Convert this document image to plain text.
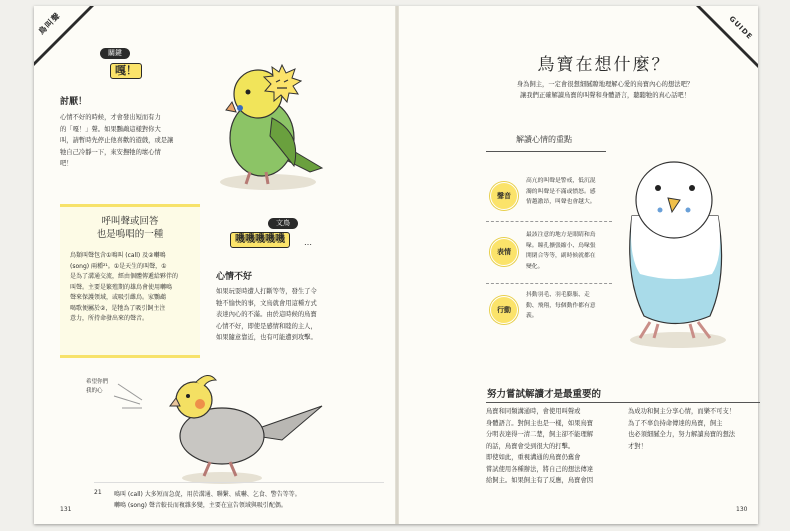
鳥叫聲
關鍵
嘎！
討厭！
心情不好的時候，才會發出短而有力
的「嘎！」聲。如果鸚鵡這樣對你大
叫，請暫時先停止他喜歡的遊戲，或是讓
牠自己冷靜一下，來安撫牠的壞心情
吧！
呼叫聲或回答
也是鳴唱的一種
鳥類叫聲包含①鳴叫 (call) 及②囀鳴
(song) 兩種²¹。①是天生的叫聲，①
是為了溝通交流，經由個體傳遞給夥伴的
叫聲。主要是繁殖期的雄鳥會使用囀鳴
聲來保護領域，或吸引雌鳥。家鸚鵡
喝歌便屬於②，是牠為了吸引飼主注
意力，所持命發出來的聲音。
文鳥
嘰嘰嘰嘰嘰	…
心情不好
如果玩耍時遭人打斷等等，發生了令
牠不愉快的事，文鳥就會用這種方式
表達內心的不滿。由於這時候的鳥寶
心情不好，即使是感情和睦的主人，
如果隨意靠近，也有可能遭到攻擊。
希望你們
我的心
21 鳴叫 (call) 大多短而急促，用於溝通、聯繫、威嚇、乞食、警告等等。
囀鳴 (song) 聲音較長而複雜多變，主要在宣告領域與吸引配偶。
131
GUIDE
鳥寶在想什麼？
身為飼主，一定會很想細膩瞭地理解心愛的鳥寶內心的想法吧？
讓我們正確解讀鳥寶的叫聲和身體語言，聽聽牠的真心話吧！
解讀心情的重點
聲音
高亢的叫聲是警戒，低沉混
濁的叫聲是不滿或憤怒。感
情越激昂，叫聲也會越大。
表情
最該注意的地方是眼睛和鳥
喙。瞳孔擴張縮小、鳥喙張
開閉合等等，副時候就都在
變化。
行動
抖動羽毛、羽毛膨脹、走
動、飛翔，每個動作都有意
義。
努力嘗試解讀才是最重要的
鳥寶和同類溝通時，會使用叫聲或
身體語言。對飼主也是一樣，如果鳥寶
分明表達得一清二楚，飼主卻不能理解
的話，鳥寶會受到很大的打擊。
即使如此，重視溝通的鳥寶仍舊會
嘗試使用各種辦法，將自己的想法傳達
給飼主。如果飼主有了反應，鳥寶會因
為成功和飼主分享心情，而樂不可支！
為了不辜負持命傳達的鳥寶，飼主
也必須細膩全力，努力解讀鳥寶的想法
才對！
130
